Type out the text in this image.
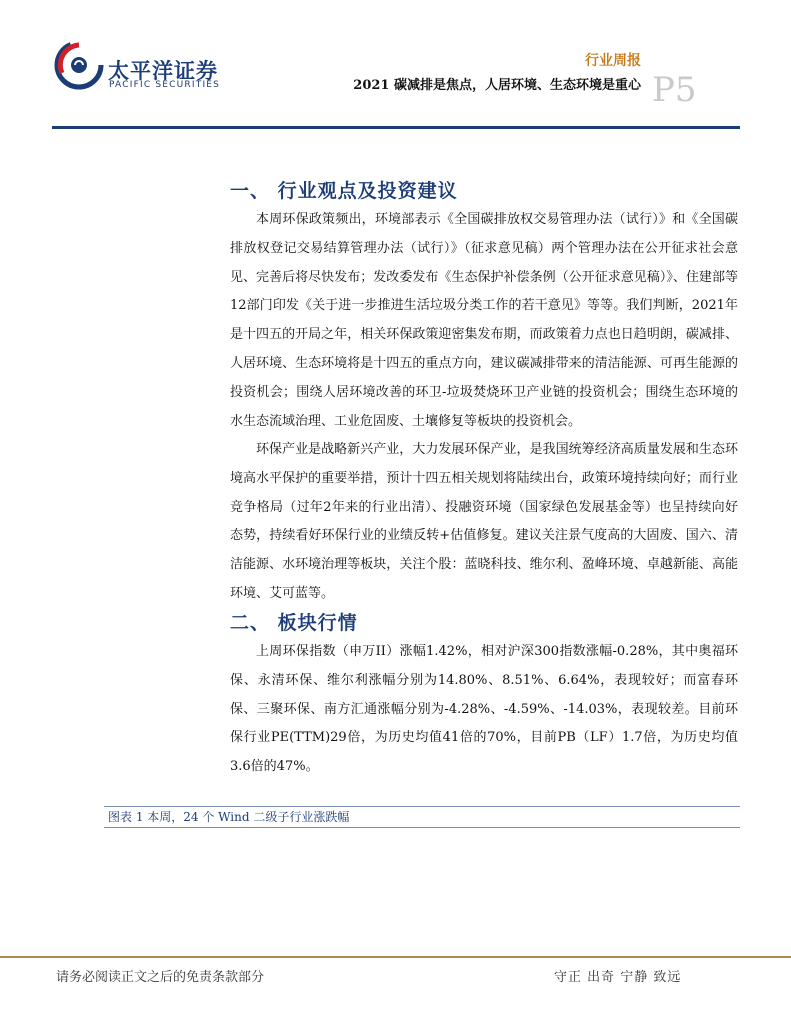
太平洋证券
PACIFIC SECURITIES
行业周报
2021 碳减排是焦点，人居环境、生态环境是重心 P5
一、 行业观点及投资建议

本周环保政策频出，环境部表示《全国碳排放权交易管理办法（试行）》和《全国碳排放权登记交易结算管理办法（试行）》（征求意见稿）两个管理办法在公开征求社会意见、完善后将尽快发布；发改委发布《生态保护补偿条例（公开征求意见稿）》、住建部等12部门印发《关于进一步推进生活垃圾分类工作的若干意见》等等。我们判断，2021年是十四五的开局之年，相关环保政策迎密集发布期，而政策着力点也日趋明朗，碳减排、人居环境、生态环境将是十四五的重点方向，建议碳减排带来的清洁能源、可再生能源的投资机会；围绕人居环境改善的环卫-垃圾焚烧环卫产业链的投资机会；围绕生态环境的水生态流域治理、工业危固废、土壤修复等板块的投资机会。

环保产业是战略新兴产业，大力发展环保产业，是我国统筹经济高质量发展和生态环境高水平保护的重要举措，预计十四五相关规划将陆续出台，政策环境持续向好；而行业竞争格局（过年2年来的行业出清）、投融资环境（国家绿色发展基金等）也呈持续向好态势，持续看好环保行业的业绩反转+估值修复。建议关注景气度高的大固废、国六、清洁能源、水环境治理等板块，关注个股：蓝晓科技、维尔利、盈峰环境、卓越新能、高能环境、艾可蓝等。

二、 板块行情

上周环保指数（申万II）涨幅1.42%，相对沪深300指数涨幅-0.28%，其中奥福环保、永清环保、维尔利涨幅分别为14.80%、8.51%、6.64%，表现较好；而富春环保、三聚环保、南方汇通涨幅分别为-4.28%、-4.59%、-14.03%，表现较差。目前环保行业PE(TTM)29倍，为历史均值41倍的70%，目前PB（LF）1.7倍，为历史均值3.6倍的47%。

图表 1 本周，24 个 Wind 二级子行业涨跌幅
请务必阅读正文之后的免责条款部分	守正 出奇 宁静 致远
